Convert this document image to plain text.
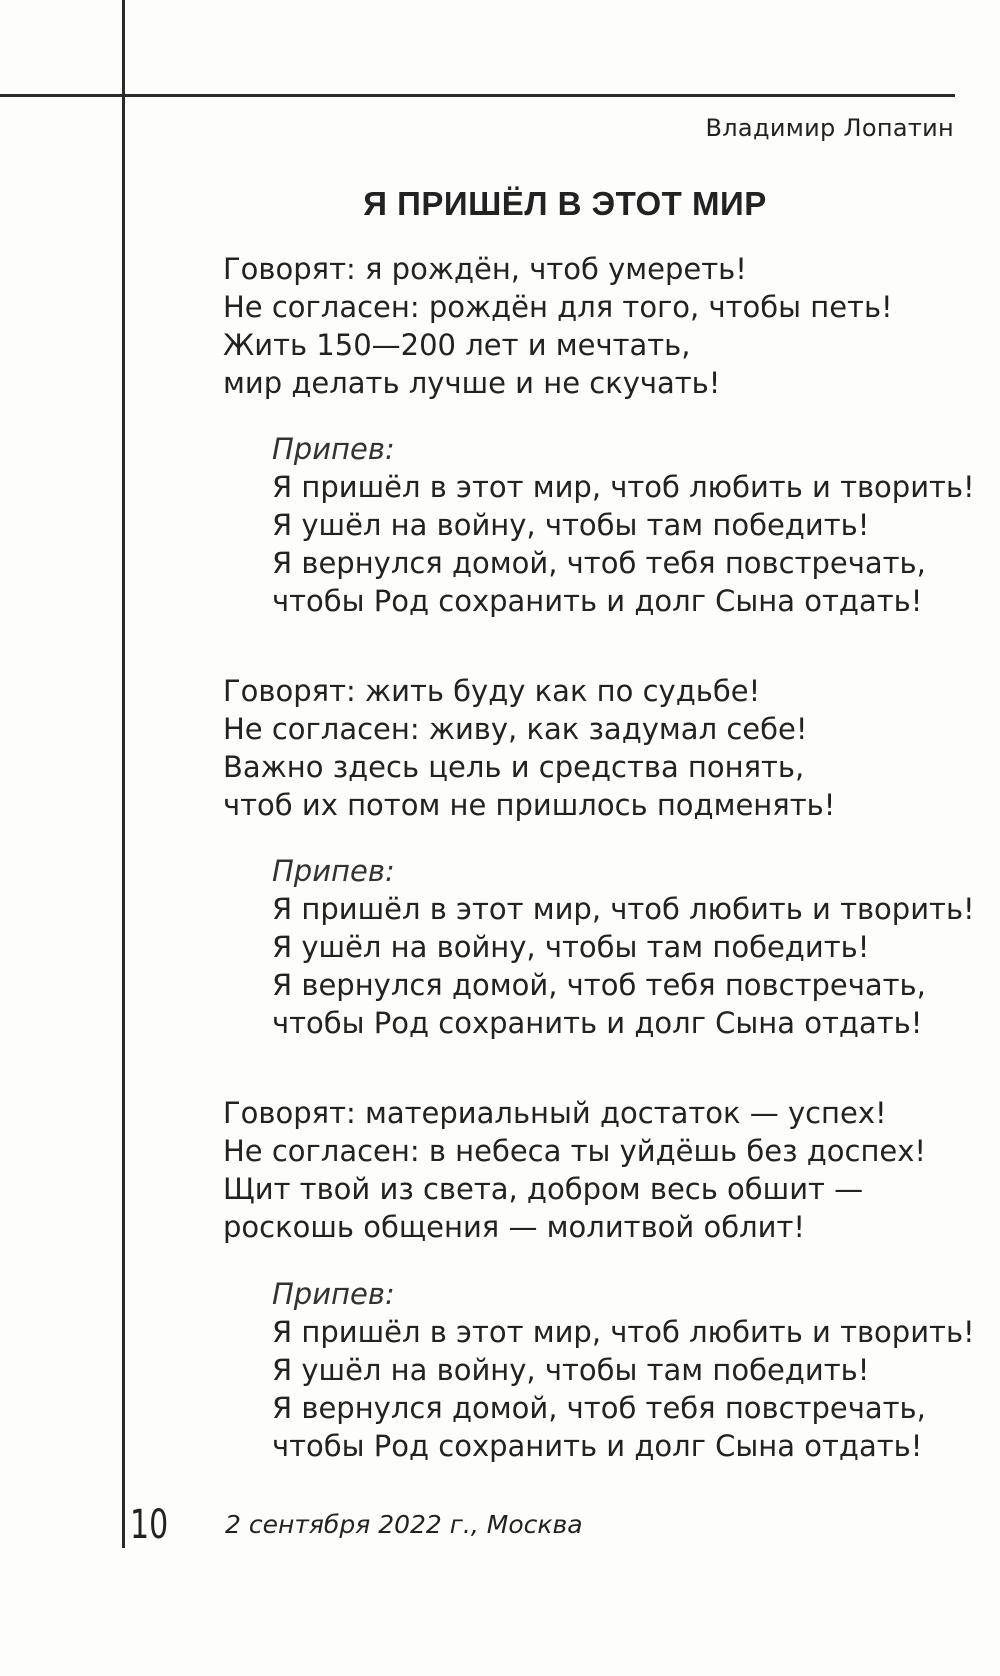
Владимир Лопатин
Я ПРИШЁЛ В ЭТОТ МИР
Говорят: я рождён, чтоб умереть!
Не согласен: рождён для того, чтобы петь!
Жить 150—200 лет и мечтать,
мир делать лучше и не скучать!
Припев:
Я пришёл в этот мир, чтоб любить и творить!
Я ушёл на войну, чтобы там победить!
Я вернулся домой, чтоб тебя повстречать,
чтобы Род сохранить и долг Сына отдать!
Говорят: жить буду как по судьбе!
Не согласен: живу, как задумал себе!
Важно здесь цель и средства понять,
чтоб их потом не пришлось подменять!
Припев:
Я пришёл в этот мир, чтоб любить и творить!
Я ушёл на войну, чтобы там победить!
Я вернулся домой, чтоб тебя повстречать,
чтобы Род сохранить и долг Сына отдать!
Говорят: материальный достаток — успех!
Не согласен: в небеса ты уйдёшь без доспех!
Щит твой из света, добром весь обшит —
роскошь общения — молитвой облит!
Припев:
Я пришёл в этот мир, чтоб любить и творить!
Я ушёл на войну, чтобы там победить!
Я вернулся домой, чтоб тебя повстречать,
чтобы Род сохранить и долг Сына отдать!
10 2 сентября 2022 г., Москва
